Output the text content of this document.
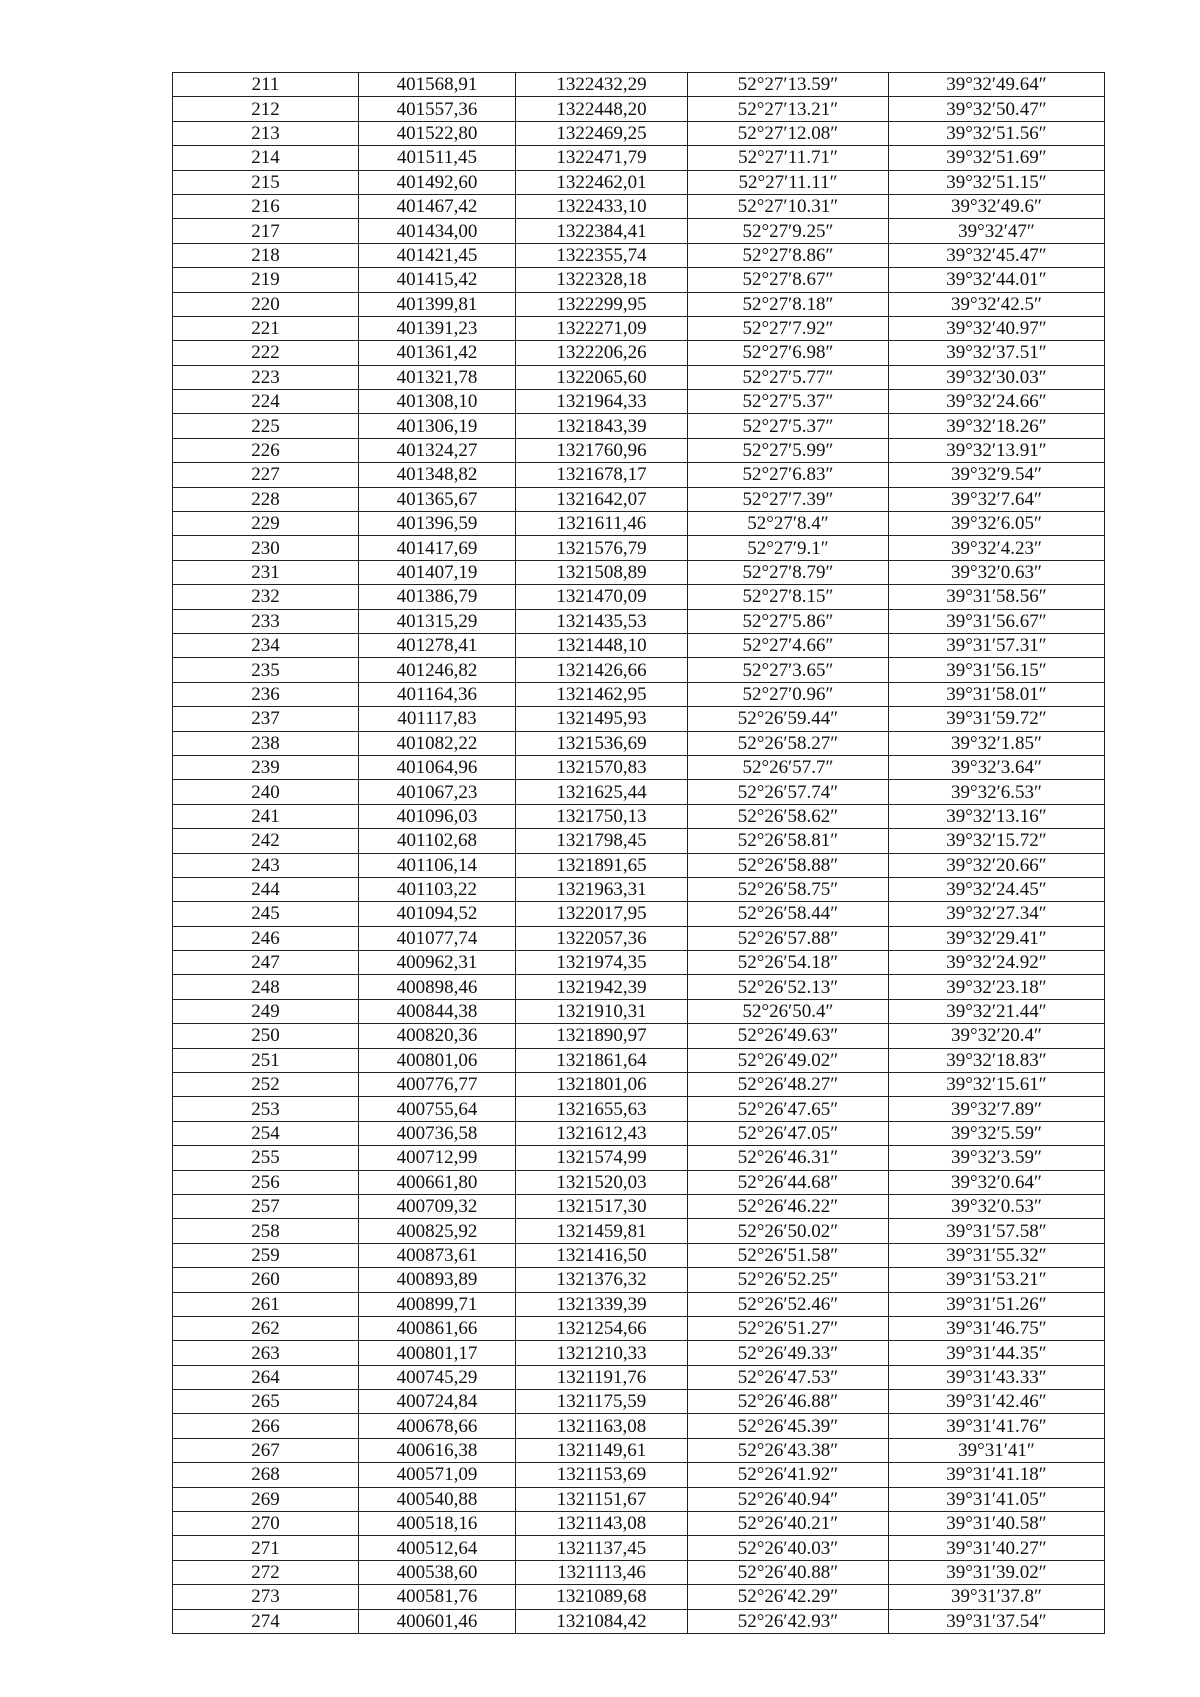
211	401568,91	1322432,29	52°27′13.59″	39°32′49.64″
212	401557,36	1322448,20	52°27′13.21″	39°32′50.47″
213	401522,80	1322469,25	52°27′12.08″	39°32′51.56″
214	401511,45	1322471,79	52°27′11.71″	39°32′51.69″
215	401492,60	1322462,01	52°27′11.11″	39°32′51.15″
216	401467,42	1322433,10	52°27′10.31″	39°32′49.6″
217	401434,00	1322384,41	52°27′9.25″	39°32′47″
218	401421,45	1322355,74	52°27′8.86″	39°32′45.47″
219	401415,42	1322328,18	52°27′8.67″	39°32′44.01″
220	401399,81	1322299,95	52°27′8.18″	39°32′42.5″
221	401391,23	1322271,09	52°27′7.92″	39°32′40.97″
222	401361,42	1322206,26	52°27′6.98″	39°32′37.51″
223	401321,78	1322065,60	52°27′5.77″	39°32′30.03″
224	401308,10	1321964,33	52°27′5.37″	39°32′24.66″
225	401306,19	1321843,39	52°27′5.37″	39°32′18.26″
226	401324,27	1321760,96	52°27′5.99″	39°32′13.91″
227	401348,82	1321678,17	52°27′6.83″	39°32′9.54″
228	401365,67	1321642,07	52°27′7.39″	39°32′7.64″
229	401396,59	1321611,46	52°27′8.4″	39°32′6.05″
230	401417,69	1321576,79	52°27′9.1″	39°32′4.23″
231	401407,19	1321508,89	52°27′8.79″	39°32′0.63″
232	401386,79	1321470,09	52°27′8.15″	39°31′58.56″
233	401315,29	1321435,53	52°27′5.86″	39°31′56.67″
234	401278,41	1321448,10	52°27′4.66″	39°31′57.31″
235	401246,82	1321426,66	52°27′3.65″	39°31′56.15″
236	401164,36	1321462,95	52°27′0.96″	39°31′58.01″
237	401117,83	1321495,93	52°26′59.44″	39°31′59.72″
238	401082,22	1321536,69	52°26′58.27″	39°32′1.85″
239	401064,96	1321570,83	52°26′57.7″	39°32′3.64″
240	401067,23	1321625,44	52°26′57.74″	39°32′6.53″
241	401096,03	1321750,13	52°26′58.62″	39°32′13.16″
242	401102,68	1321798,45	52°26′58.81″	39°32′15.72″
243	401106,14	1321891,65	52°26′58.88″	39°32′20.66″
244	401103,22	1321963,31	52°26′58.75″	39°32′24.45″
245	401094,52	1322017,95	52°26′58.44″	39°32′27.34″
246	401077,74	1322057,36	52°26′57.88″	39°32′29.41″
247	400962,31	1321974,35	52°26′54.18″	39°32′24.92″
248	400898,46	1321942,39	52°26′52.13″	39°32′23.18″
249	400844,38	1321910,31	52°26′50.4″	39°32′21.44″
250	400820,36	1321890,97	52°26′49.63″	39°32′20.4″
251	400801,06	1321861,64	52°26′49.02″	39°32′18.83″
252	400776,77	1321801,06	52°26′48.27″	39°32′15.61″
253	400755,64	1321655,63	52°26′47.65″	39°32′7.89″
254	400736,58	1321612,43	52°26′47.05″	39°32′5.59″
255	400712,99	1321574,99	52°26′46.31″	39°32′3.59″
256	400661,80	1321520,03	52°26′44.68″	39°32′0.64″
257	400709,32	1321517,30	52°26′46.22″	39°32′0.53″
258	400825,92	1321459,81	52°26′50.02″	39°31′57.58″
259	400873,61	1321416,50	52°26′51.58″	39°31′55.32″
260	400893,89	1321376,32	52°26′52.25″	39°31′53.21″
261	400899,71	1321339,39	52°26′52.46″	39°31′51.26″
262	400861,66	1321254,66	52°26′51.27″	39°31′46.75″
263	400801,17	1321210,33	52°26′49.33″	39°31′44.35″
264	400745,29	1321191,76	52°26′47.53″	39°31′43.33″
265	400724,84	1321175,59	52°26′46.88″	39°31′42.46″
266	400678,66	1321163,08	52°26′45.39″	39°31′41.76″
267	400616,38	1321149,61	52°26′43.38″	39°31′41″
268	400571,09	1321153,69	52°26′41.92″	39°31′41.18″
269	400540,88	1321151,67	52°26′40.94″	39°31′41.05″
270	400518,16	1321143,08	52°26′40.21″	39°31′40.58″
271	400512,64	1321137,45	52°26′40.03″	39°31′40.27″
272	400538,60	1321113,46	52°26′40.88″	39°31′39.02″
273	400581,76	1321089,68	52°26′42.29″	39°31′37.8″
274	400601,46	1321084,42	52°26′42.93″	39°31′37.54″
